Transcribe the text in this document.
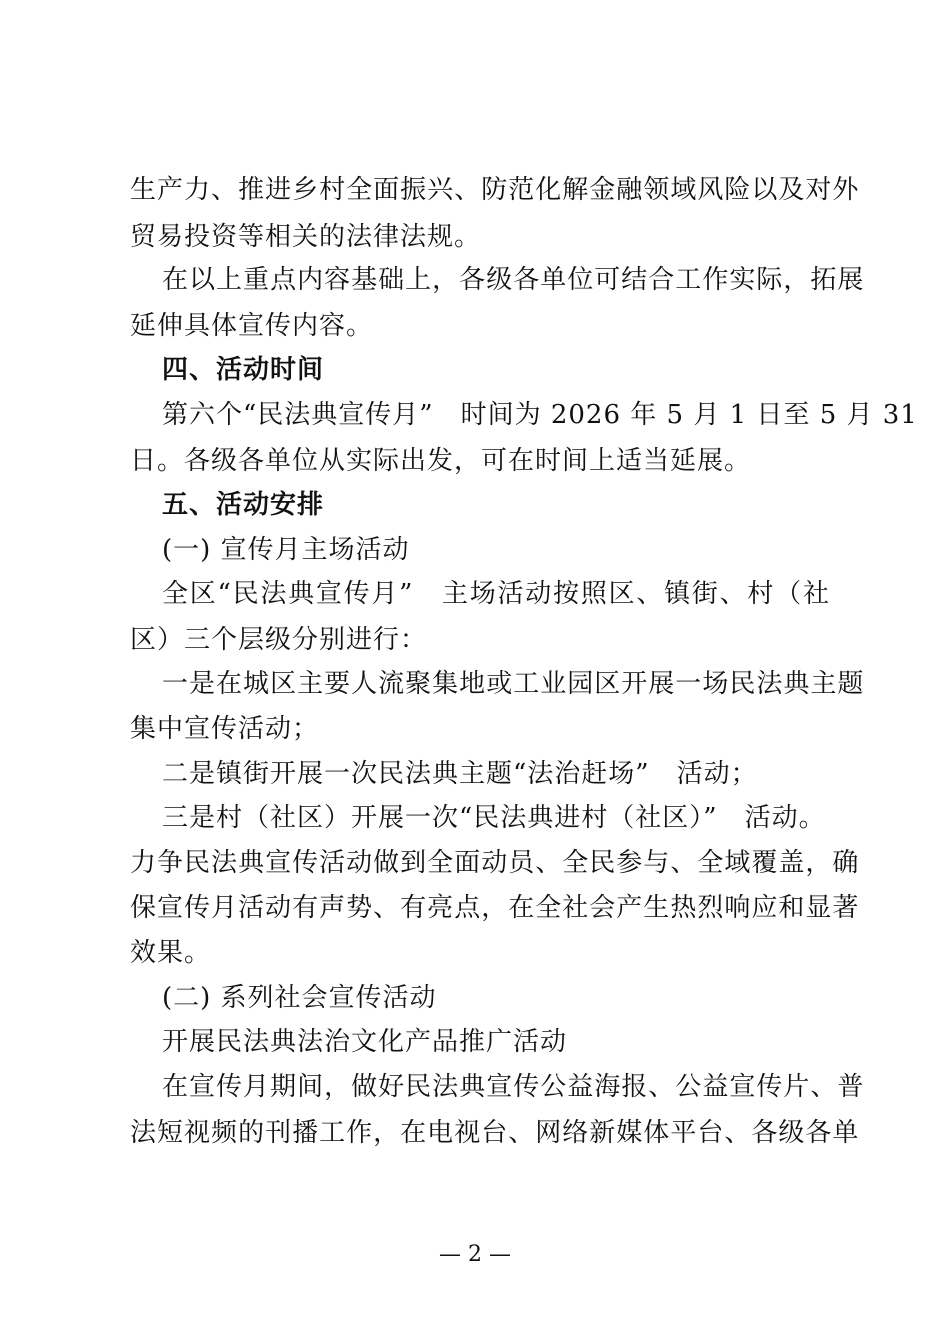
生 产 力 、 推 进 乡 村 全 面 振 兴 、 防 范 化 解 金 融 领 域 风 险 以 及 对 外
贸易投资等相关的法律法规。
在 以 上 重 点 内 容 基 础 上 ， 各 级 各 单 位 可 结 合 工 作 实 际 ， 拓 展
延伸具体宣传内容。
四、活动时间
第六个“民法典宣传月”　时间为 2026 年 5 月 1 日至 5 月 31
日。各级各单位从实际出发，可在时间上适当延展。
五、活动安排
(一) 宣传月主场活动
全 区 “ 民 法 典 宣 传 月 ”
　 主 场 活 动 按 照 区 、 镇 街 、 村 （ 社
区）三个层级分别进行：
一 是 在 城 区 主 要 人 流 聚 集 地 或 工 业 园 区 开 展 一 场 民 法 典 主 题
集中宣传活动；
二是镇街开展一次民法典主题“法治赶场”　活动；
三是村（社区）开展一次“民法典进村（社区）”　活动。
力 争 民 法 典 宣 传 活 动 做 到 全 面 动 员 、 全 民 参 与 、 全 域 覆 盖 ， 确
保 宣 传 月 活 动 有 声 势 、 有 亮 点 ， 在 全 社 会 产 生 热 烈 响 应 和 显 著
效果。
(二) 系列社会宣传活动
开展民法典法治文化产品推广活动
在 宣 传 月 期 间 ， 做 好 民 法 典 宣 传 公 益 海 报 、 公 益 宣 传 片 、 普
法 短 视 频 的 刊 播 工 作 ， 在 电 视 台 、 网 络 新 媒 体 平 台 、 各 级 各 单
— 2 —
